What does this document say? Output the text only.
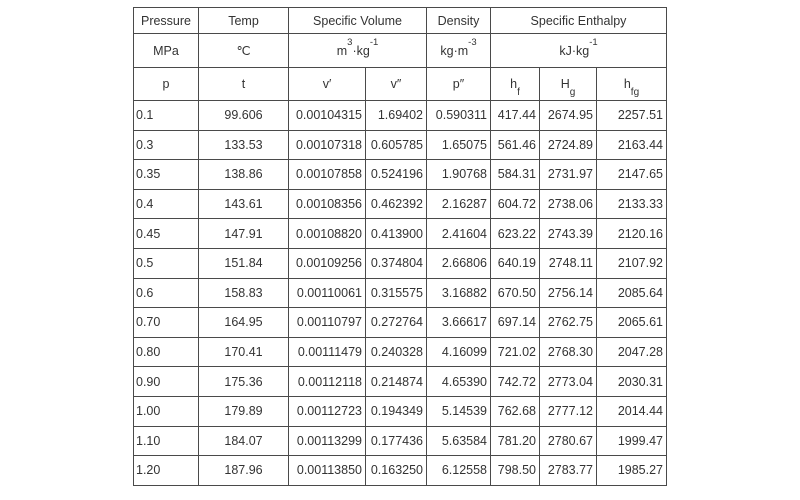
Pressure	Temp	Specific Volume		Density	Specific Enthalpy		
MPa	℃	$m^3\cdot kg^{-1}$		$kg\cdot m^{-3}$	$kJ\cdot kg^{-1}$
p	t	v′	v″	p″	$h_f$	$H_g$	$h_{fg}$
0.1	99.606	0.00104315	1.69402	0.590311	417.44	2674.95	2257.51
0.3	133.53	0.00107318	0.605785	1.65075	561.46	2724.89	2163.44
0.35	138.86	0.00107858	0.524196	1.90768	584.31	2731.97	2147.65
0.4	143.61	0.00108356	0.462392	2.16287	604.72	2738.06	2133.33
0.45	147.91	0.00108820	0.413900	2.41604	623.22	2743.39	2120.16
0.5	151.84	0.00109256	0.374804	2.66806	640.19	2748.11	2107.92
0.6	158.83	0.00110061	0.315575	3.16882	670.50	2756.14	2085.64
0.70	164.95	0.00110797	0.272764	3.66617	697.14	2762.75	2065.61
0.80	170.41	0.00111479	0.240328	4.16099	721.02	2768.30	2047.28
0.90	175.36	0.00112118	0.214874	4.65390	742.72	2773.04	2030.31
1.00	179.89	0.00112723	0.194349	5.14539	762.68	2777.12	2014.44
1.10	184.07	0.00113299	0.177436	5.63584	781.20	2780.67	1999.47
1.20	187.96	0.00113850	0.163250	6.12558	798.50	2783.77	1985.27
